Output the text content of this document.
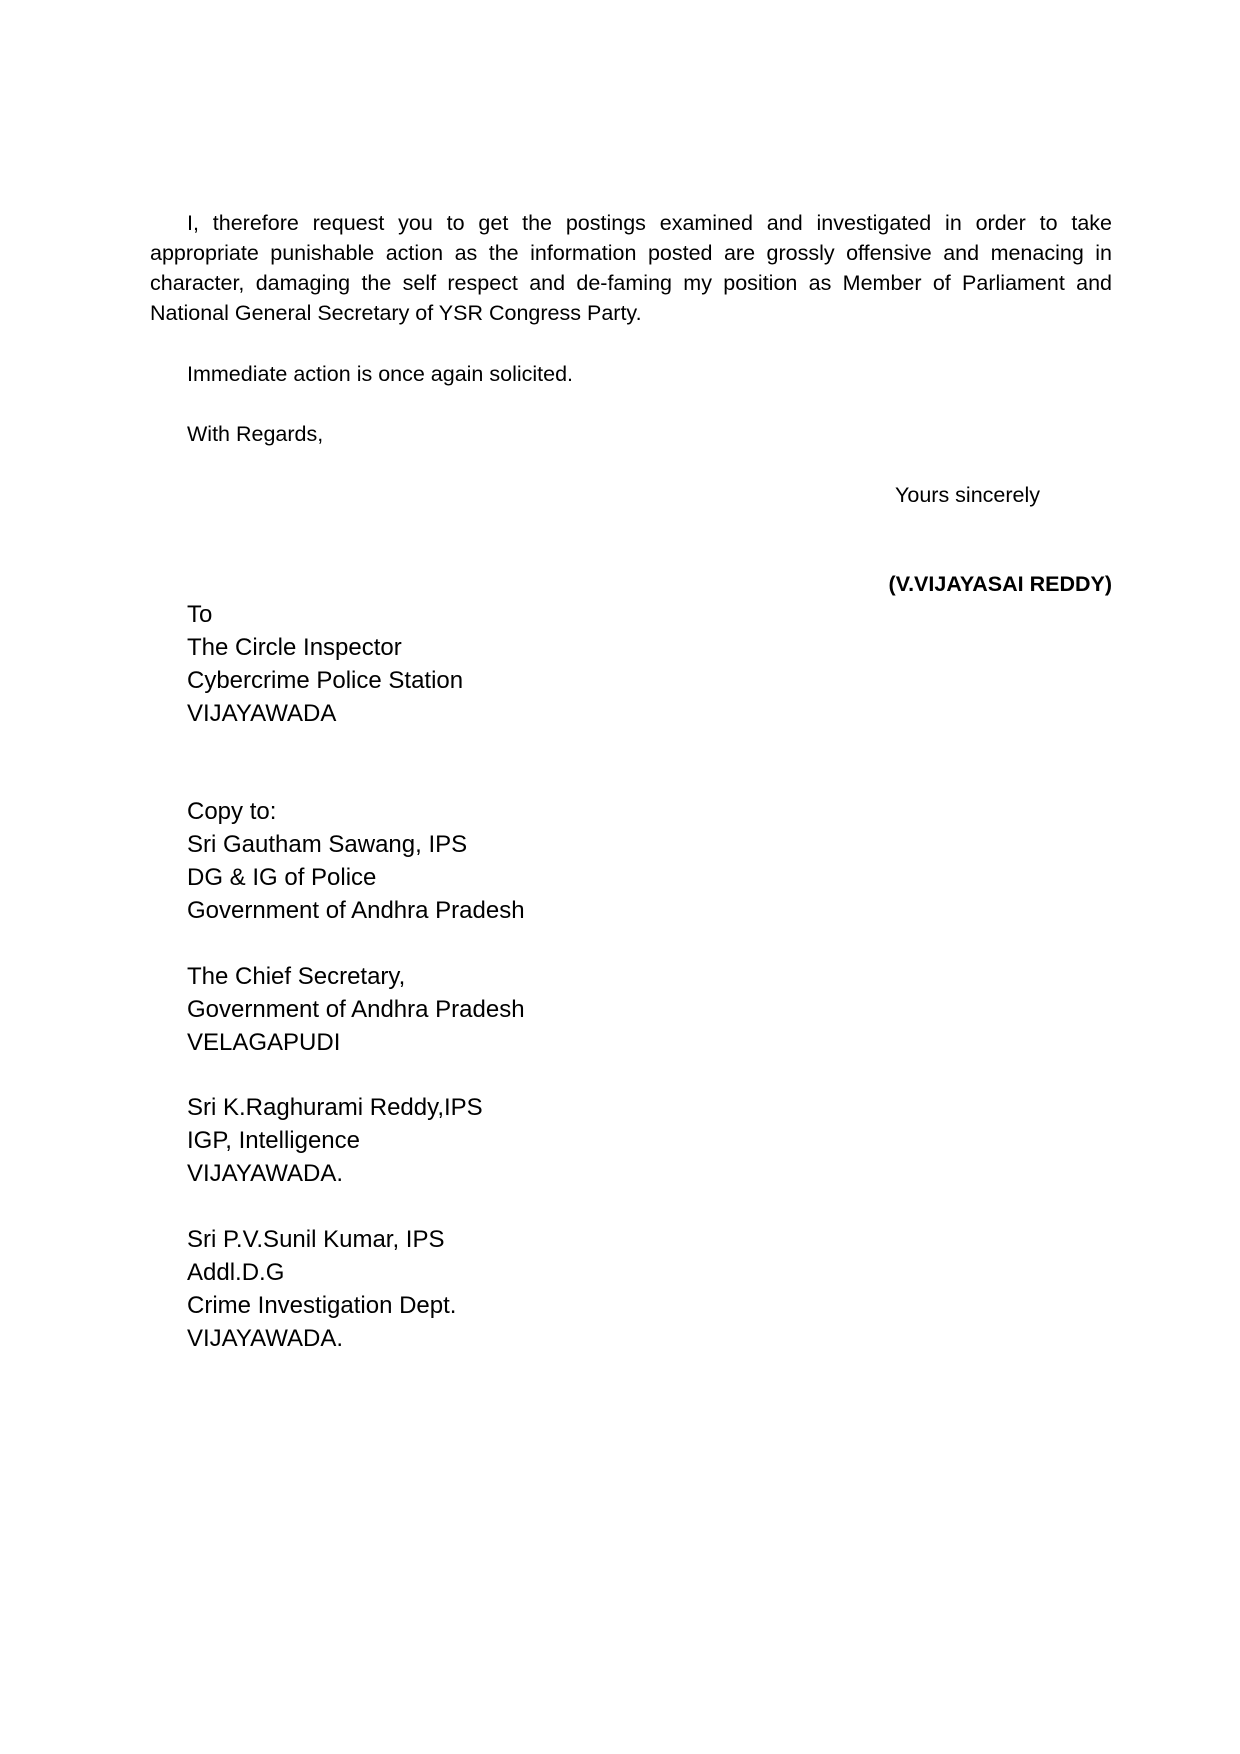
I, therefore request you to get the postings examined and investigated in order to take appropriate punishable action as the information posted are grossly offensive and menacing in character, damaging the self respect and de-faming my position as Member of Parliament and National General Secretary of YSR Congress Party.

Immediate action is once again solicited.

With Regards,

Yours sincerely

(V.VIJAYASAI REDDY)

To
The Circle Inspector
Cybercrime Police Station
VIJAYAWADA
Copy to:
Sri Gautham Sawang, IPS
DG & IG of Police
Government of Andhra Pradesh
The Chief Secretary,
Government of Andhra Pradesh
VELAGAPUDI
Sri K.Raghurami Reddy,IPS
IGP, Intelligence
VIJAYAWADA.
Sri P.V.Sunil Kumar, IPS
Addl.D.G
Crime Investigation Dept.
VIJAYAWADA.
